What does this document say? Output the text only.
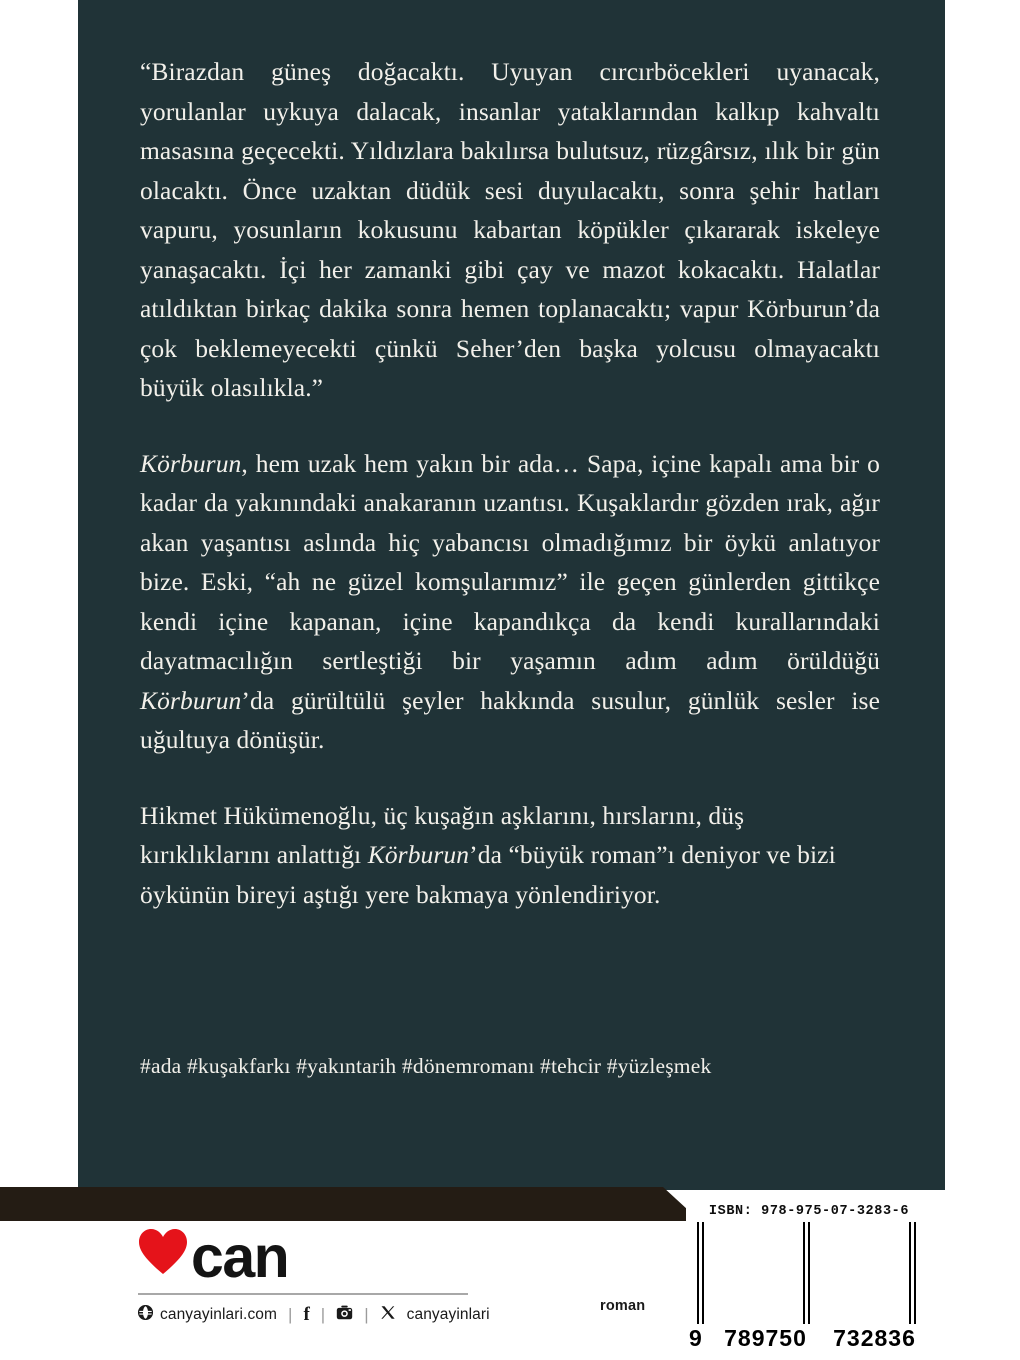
“Birazdan güneş doğacaktı. Uyuyan cırcırböcekleri uyanacak, yorulanlar uykuya dalacak, insanlar yataklarından kalkıp kahvaltı masasına geçecekti. Yıldızlara bakılırsa bulutsuz, rüzgârsız, ılık bir gün olacaktı. Önce uzaktan düdük sesi duyulacaktı, sonra şehir hatları vapuru, yosunların kokusunu kabartan köpükler çıkararak iskeleye yanaşacaktı. İçi her zamanki gibi çay ve mazot kokacaktı. Halatlar atıldıktan birkaç dakika sonra hemen toplanacaktı; vapur Körburun’da çok beklemeyecekti çünkü Seher’den başka yolcusu olmayacaktı büyük olasılıkla.”

Körburun, hem uzak hem yakın bir ada… Sapa, içine kapalı ama bir o kadar da yakınındaki anakaranın uzantısı. Kuşaklardır gözden ırak, ağır akan yaşantısı aslında hiç yabancısı olmadığımız bir öykü anlatıyor bize. Eski, “ah ne güzel komşularımız” ile geçen günlerden gittikçe kendi içine kapanan, içine kapandıkça da kendi kurallarındaki dayatmacılığın sertleştiği bir yaşamın adım adım örüldüğü Körburun’da gürültülü şeyler hakkında susulur, günlük sesler ise uğultuya dönüşür.

Hikmet Hükümenoğlu, üç kuşağın aşklarını, hırslarını, düş kırıklıklarını anlattığı Körburun’da “büyük roman”ı deniyor ve bizi öykünün bireyi aştığı yere bakmaya yönlendiriyor.

#ada #kuşakfarkı #yakıntarih #dönemromanı #tehcir #yüzleşmek
can
canyayinlari.com | f | | canyayinlari	roman
ISBN: 978-975-07-3283-6
9 789750	732836
